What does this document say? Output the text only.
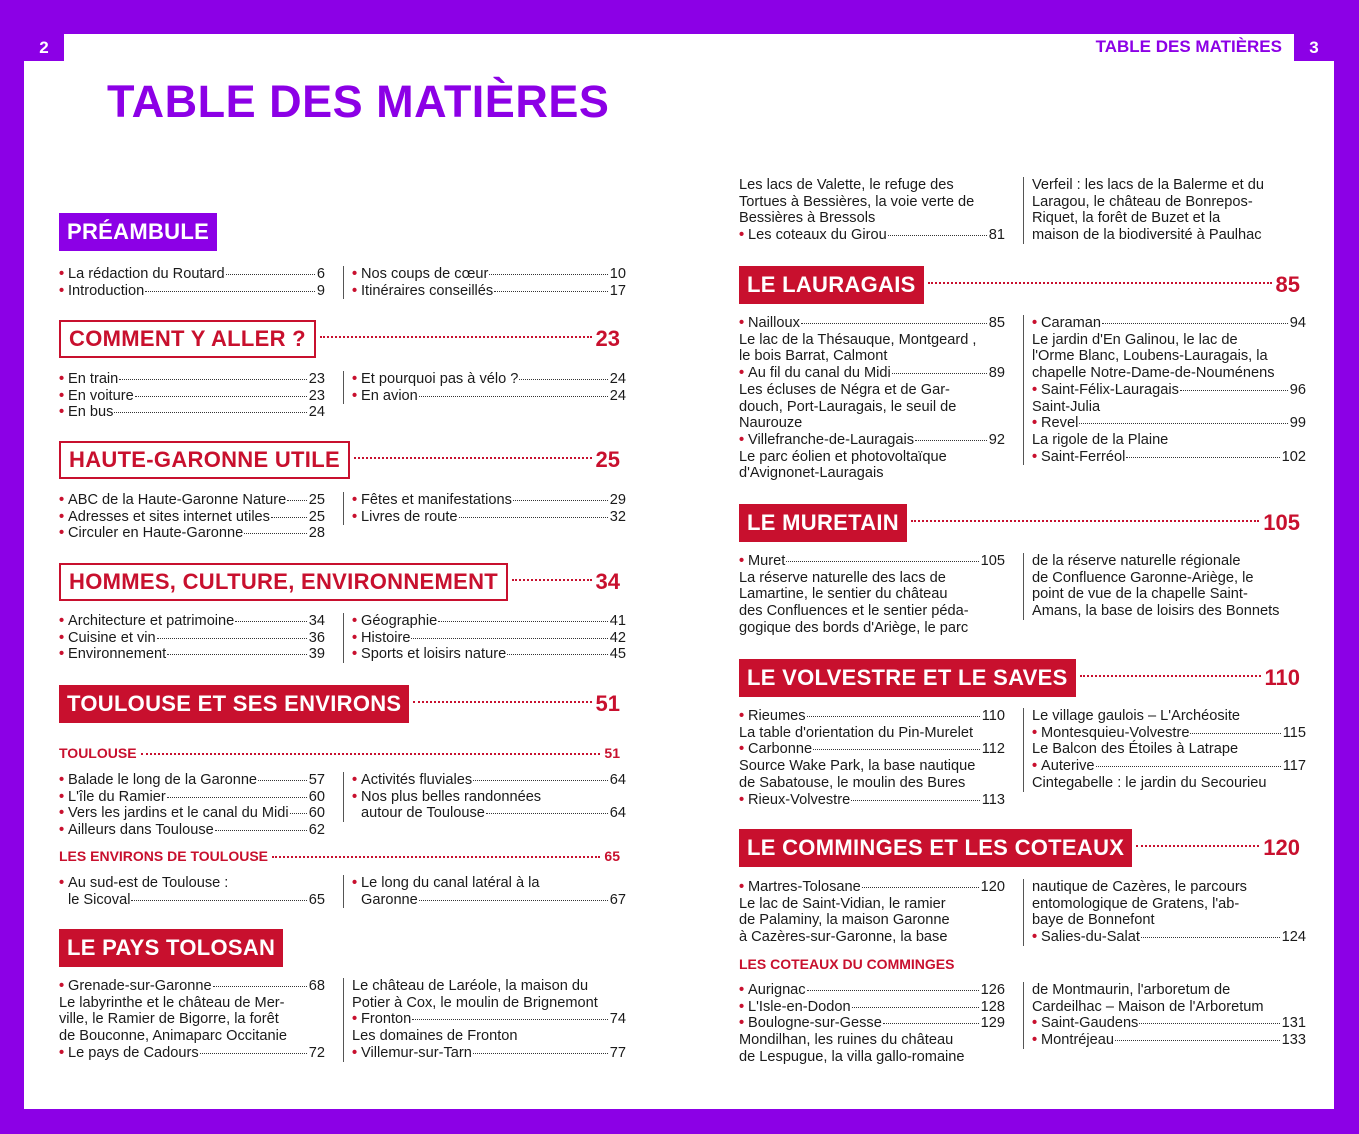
2	3
TABLE DES MATIÈRES
TABLE DES MATIÈRES
PRÉAMBULE
• La rédaction du Routard	6
• Introduction	9
• Nos coups de cœur	10
• Itinéraires conseillés	17
COMMENT Y ALLER ?	23
• En train	23
• En voiture	23
• En bus	24
• Et pourquoi pas à vélo ?	24
• En avion	24
HAUTE-GARONNE UTILE	25
• ABC de la Haute-Garonne Nature 25
• Adresses et sites internet utiles	25
• Circuler en Haute-Garonne	28
• Fêtes et manifestations	29
• Livres de route	32
HOMMES, CULTURE, ENVIRONNEMENT	34
• Architecture et patrimoine	34
• Cuisine et vin	36
• Environnement	39
• Géographie	41
• Histoire	42
• Sports et loisirs nature	45
TOULOUSE ET SES ENVIRONS	51
TOULOUSE	51
• Balade le long de la Garonne	57
• L'île du Ramier	60
• Vers les jardins et le canal du Midi 60
• Ailleurs dans Toulouse	62
• Activités fluviales	64
• Nos plus belles randonnées
autour de Toulouse	64
LES ENVIRONS DE TOULOUSE	65
• Au sud-est de Toulouse :
le Sicoval	65
• Le long du canal latéral à la
Garonne	67
LE PAYS TOLOSAN
• Grenade-sur-Garonne	68
Le labyrinthe et le château de Mer-
ville, le Ramier de Bigorre, la forêt
de Bouconne, Animaparc Occitanie
• Le pays de Cadours	72
Le château de Laréole, la maison du
Potier à Cox, le moulin de Brignemont
• Fronton	74
Les domaines de Fronton
• Villemur-sur-Tarn	77
Les lacs de Valette, le refuge des
Tortues à Bessières, la voie verte de
Bessières à Bressols
• Les coteaux du Girou	81
Verfeil : les lacs de la Balerme et du
Laragou, le château de Bonrepos-
Riquet, la forêt de Buzet et la
maison de la biodiversité à Paulhac
LE LAURAGAIS	85
• Nailloux	85
Le lac de la Thésauque, Montgeard ,
le bois Barrat, Calmont
• Au fil du canal du Midi	89
Les écluses de Négra et de Gar-
douch, Port-Lauragais, le seuil de
Naurouze
• Villefranche-de-Lauragais	92
Le parc éolien et photovoltaïque
d'Avignonet-Lauragais
• Caraman	94
Le jardin d'En Galinou, le lac de
l'Orme Blanc, Loubens-Lauragais, la
chapelle Notre-Dame-de-Nouménens
• Saint-Félix-Lauragais	96
Saint-Julia
• Revel	99
La rigole de la Plaine
• Saint-Ferréol	102
LE MURETAIN	105
• Muret	105
La réserve naturelle des lacs de
Lamartine, le sentier du château
des Confluences et le sentier péda-
gogique des bords d'Ariège, le parc
de la réserve naturelle régionale
de Confluence Garonne-Ariège, le
point de vue de la chapelle Saint-
Amans, la base de loisirs des Bonnets
LE VOLVESTRE ET LE SAVES	110
• Rieumes	110
La table d'orientation du Pin-Murelet
• Carbonne	112
Source Wake Park, la base nautique
de Sabatouse, le moulin des Bures
• Rieux-Volvestre	113
Le village gaulois – L'Archéosite
• Montesquieu-Volvestre	115
Le Balcon des Étoiles à Latrape
• Auterive	117
Cintegabelle : le jardin du Secourieu
LE COMMINGES ET LES COTEAUX	120
• Martres-Tolosane	120
Le lac de Saint-Vidian, le ramier
de Palaminy, la maison Garonne
à Cazères-sur-Garonne, la base
nautique de Cazères, le parcours
entomologique de Gratens, l'ab-
baye de Bonnefont
• Salies-du-Salat	124
LES COTEAUX DU COMMINGES
• Aurignac	126
• L'Isle-en-Dodon	128
• Boulogne-sur-Gesse	129
Mondilhan, les ruines du château
de Lespugue, la villa gallo-romaine
de Montmaurin, l'arboretum de
Cardeilhac – Maison de l'Arboretum
• Saint-Gaudens	131
• Montréjeau	133
